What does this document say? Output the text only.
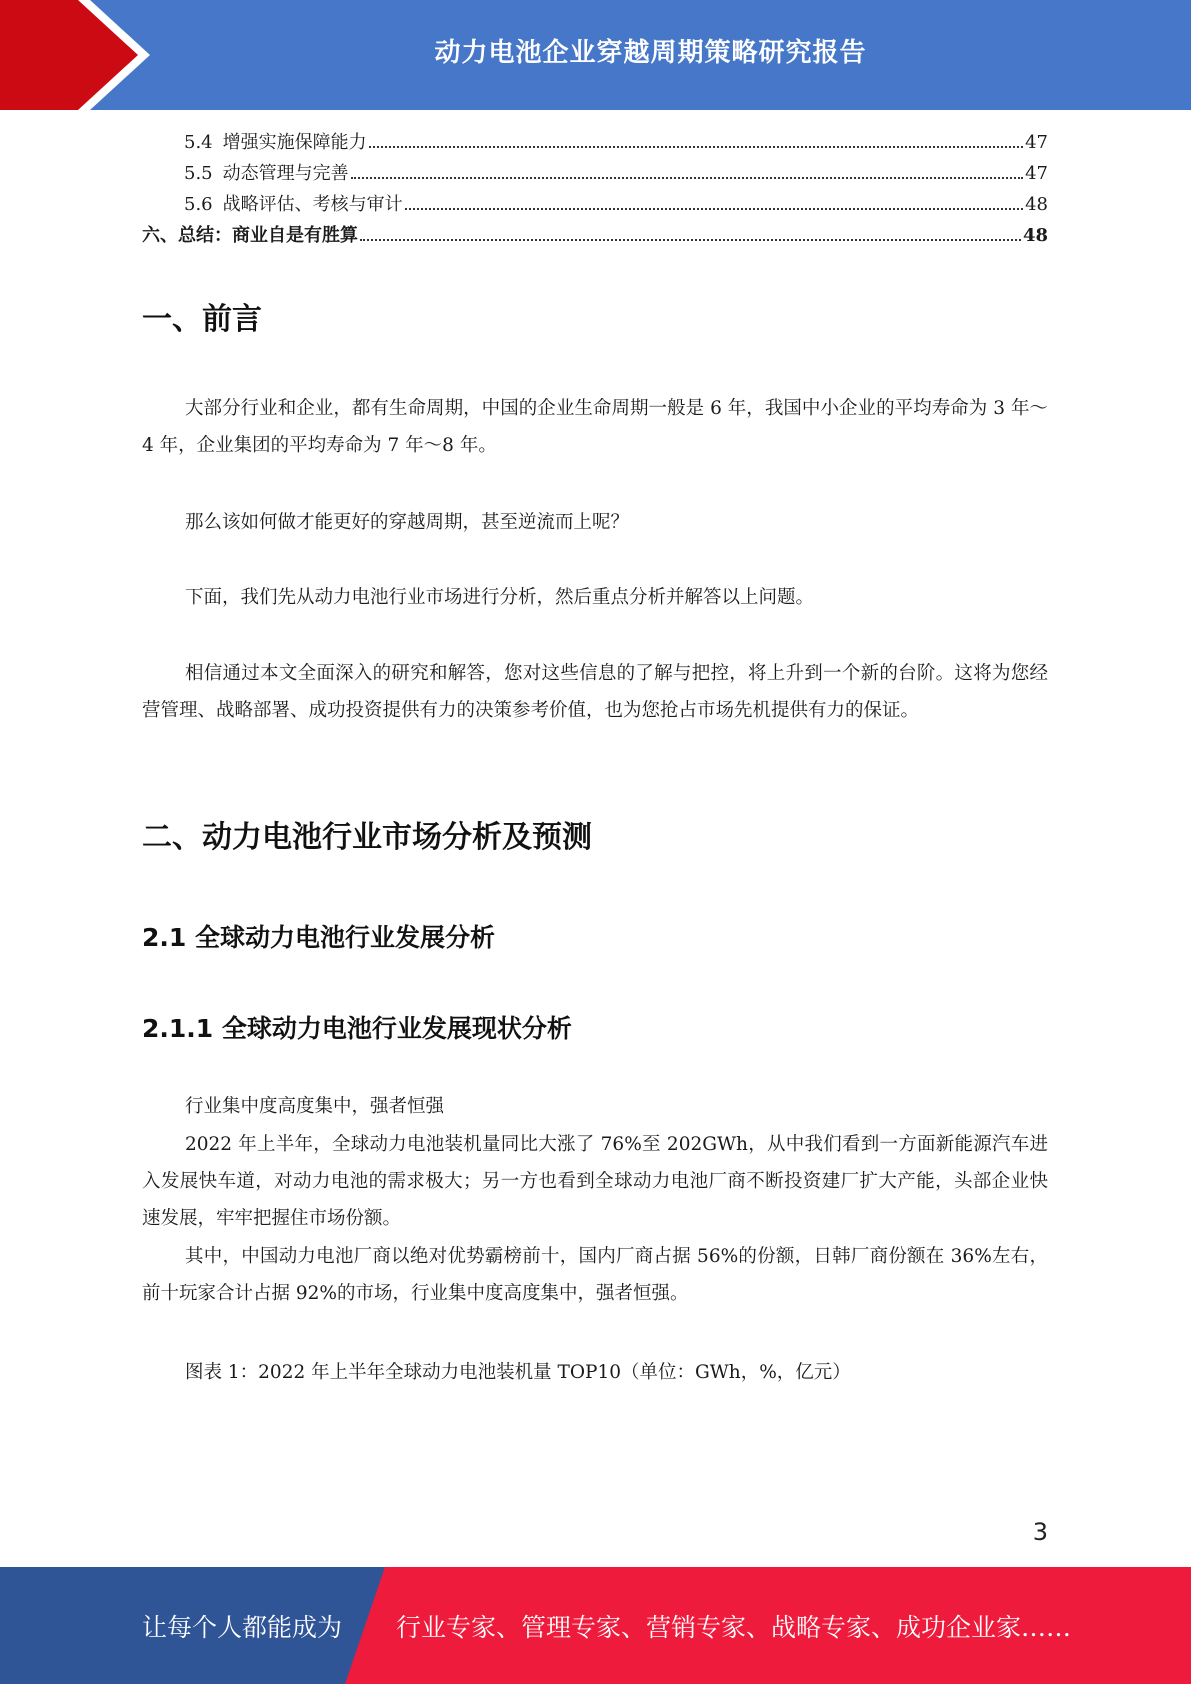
动力电池企业穿越周期策略研究报告
5.4 增强实施保障能力	47
5.5 动态管理与完善	47
5.6 战略评估、考核与审计	48
六、总结：商业自是有胜算	48
一、前言

大部分行业和企业，都有生命周期，中国的企业生命周期一般是 6 年，我国中小企业的平均寿命为 3 年～4 年，企业集团的平均寿命为 7 年～8 年。

那么该如何做才能更好的穿越周期，甚至逆流而上呢？

下面，我们先从动力电池行业市场进行分析，然后重点分析并解答以上问题。

相信通过本文全面深入的研究和解答，您对这些信息的了解与把控，将上升到一个新的台阶。这将为您经营管理、战略部署、成功投资提供有力的决策参考价值，也为您抢占市场先机提供有力的保证。

二、动力电池行业市场分析及预测
2.1 全球动力电池行业发展分析
2.1.1 全球动力电池行业发展现状分析

行业集中度高度集中，强者恒强

2022 年上半年，全球动力电池装机量同比大涨了 76%至 202GWh，从中我们看到一方面新能源汽车进入发展快车道，对动力电池的需求极大；另一方也看到全球动力电池厂商不断投资建厂扩大产能，头部企业快速发展，牢牢把握住市场份额。

其中，中国动力电池厂商以绝对优势霸榜前十，国内厂商占据 56%的份额，日韩厂商份额在 36%左右，前十玩家合计占据 92%的市场，行业集中度高度集中，强者恒强。

图表 1：2022 年上半年全球动力电池装机量 TOP10（单位：GWh，%，亿元）

3
让每个人都能成为 行业专家、管理专家、营销专家、战略专家、成功企业家……
